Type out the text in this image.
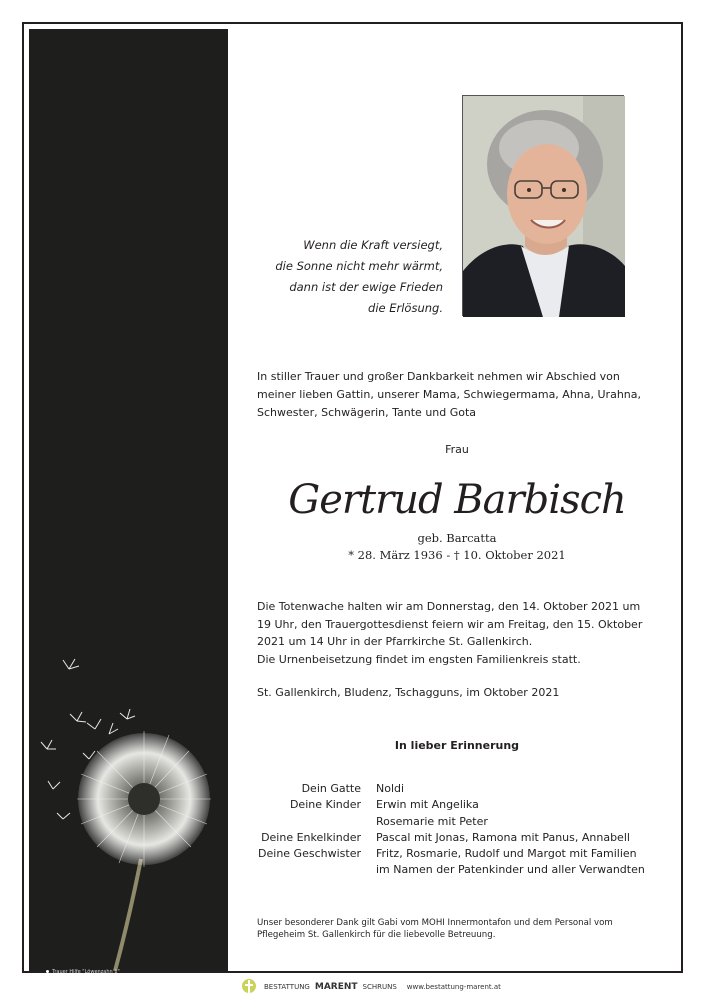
Trauer Hilfe "Löwenzahn 1"
Wenn die Kraft versiegt,
die Sonne nicht mehr wärmt,
dann ist der ewige Frieden
die Erlösung.
In stiller Trauer und großer Dankbarkeit nehmen wir Abschied von
meiner lieben Gattin, unserer Mama, Schwiegermama, Ahna, Urahna,
Schwester, Schwägerin, Tante und Gota
Frau
Gertrud Barbisch
geb. Barcatta
* 28. März 1936 - † 10. Oktober 2021
Die Totenwache halten wir am Donnerstag, den 14. Oktober 2021 um
19 Uhr, den Trauergottesdienst feiern wir am Freitag, den 15. Oktober
2021 um 14 Uhr in der Pfarrkirche St. Gallenkirch.
Die Urnenbeisetzung findet im engsten Familienkreis statt.
St. Gallenkirch, Bludenz, Tschagguns, im Oktober 2021
In lieber Erinnerung
Dein Gatte	Noldi
Deine Kinder	Erwin mit Angelika
Rosemarie mit Peter
Deine Enkelkinder	Pascal mit Jonas, Ramona mit Panus, Annabell
Deine Geschwister	Fritz, Rosmarie, Rudolf und Margot mit Familien
im Namen der Patenkinder und aller Verwandten
Unser besonderer Dank gilt Gabi vom MOHI Innermontafon und dem Personal vom
Pflegeheim St. Gallenkirch für die liebevolle Betreuung.
BESTATTUNG MARENT SCHRUNS www.bestattung-marent.at
